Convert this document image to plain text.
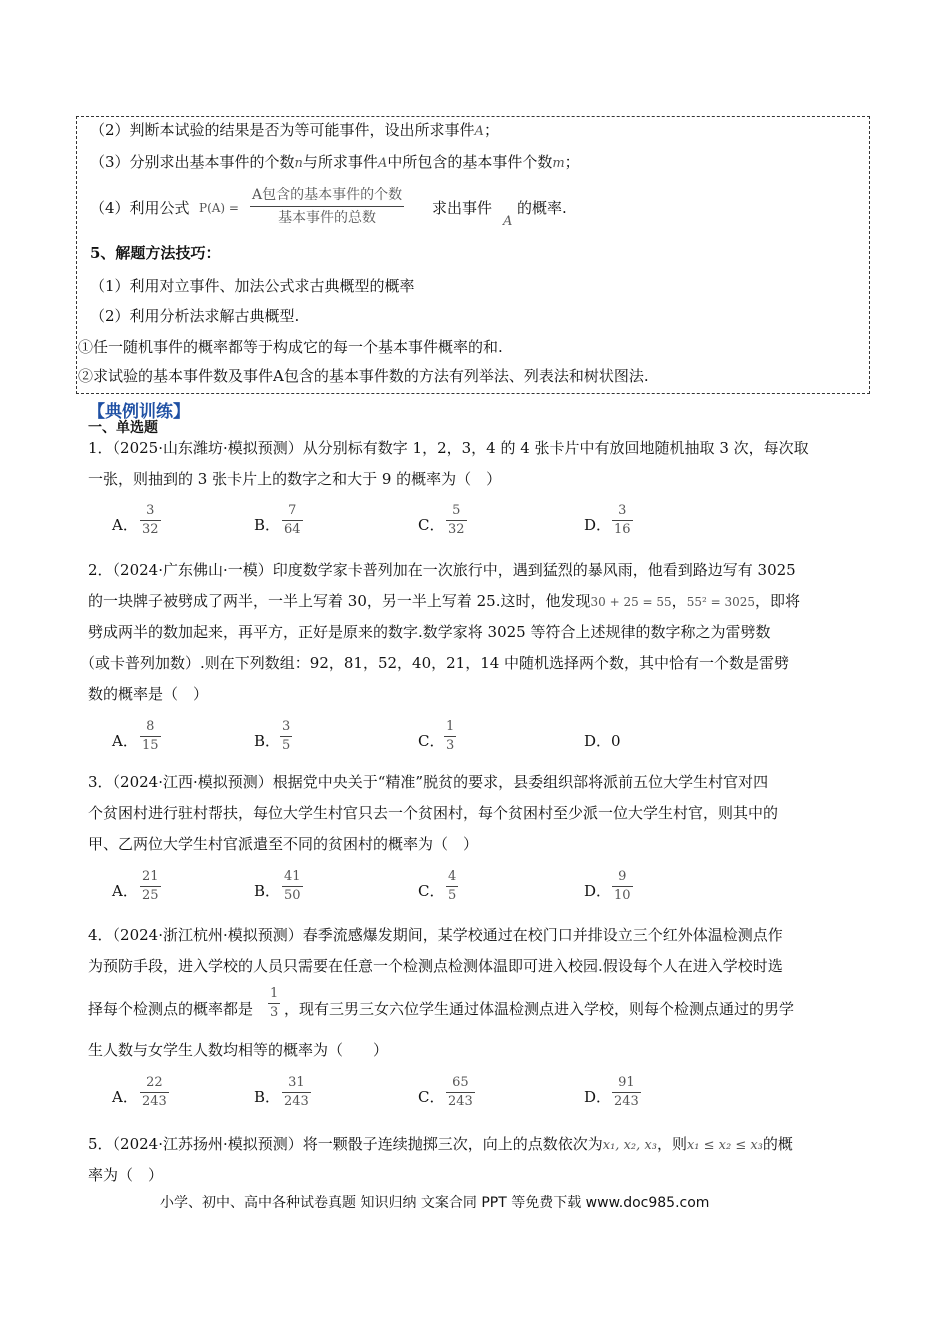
（2）判断本试验的结果是否为等可能事件，设出所求事件A；
（3）分别求出基本事件的个数n与所求事件A中所包含的基本事件个数m；
（4）利用公式 P(A) =
A包含的基本事件的个数
基本事件的总数
求出事件
A
的概率.
5、解题方法技巧：
（1）利用对立事件、加法公式求古典概型的概率
（2）利用分析法求解古典概型.
①任一随机事件的概率都等于构成它的每一个基本事件概率的和.
②求试验的基本事件数及事件A包含的基本事件数的方法有列举法、列表法和树状图法.
【典例训练】
一、单选题
1．（2025·山东潍坊·模拟预测）从分别标有数字 1，2，3，4 的 4 张卡片中有放回地随机抽取 3 次，每次取
一张，则抽到的 3 张卡片上的数字之和大于 9 的概率为（　）
A．
3
32	B．
7
64	C．
5
32	D．
3
16
2．（2024·广东佛山·一模）印度数学家卡普列加在一次旅行中，遇到猛烈的暴风雨，他看到路边写有 3025
的一块牌子被劈成了两半，一半上写着 30，另一半上写着 25.这时，他发现30 + 25 = 55，55² = 3025，即将
劈成两半的数加起来，再平方，正好是原来的数字.数学家将 3025 等符合上述规律的数字称之为雷劈数
（或卡普列加数）.则在下列数组：92，81，52，40，21，14 中随机选择两个数，其中恰有一个数是雷劈
数的概率是（　）
A．
8
15	B．
3
5	C．
1
3	D．0
3．（2024·江西·模拟预测）根据党中央关于“精准”脱贫的要求，县委组织部将派前五位大学生村官对四
个贫困村进行驻村帮扶，每位大学生村官只去一个贫困村，每个贫困村至少派一位大学生村官，则其中的
甲、乙两位大学生村官派遣至不同的贫困村的概率为（　）
A．
21
25	B．
41
50	C．
4
5	D．
9
10
4．（2024·浙江杭州·模拟预测）春季流感爆发期间，某学校通过在校门口并排设立三个红外体温检测点作
为预防手段，进入学校的人员只需要在任意一个检测点检测体温即可进入校园.假设每个人在进入学校时选
择每个检测点的概率都是
1
3 ，现有三男三女六位学生通过体温检测点进入学校，则每个检测点通过的男学
生人数与女学生人数均相等的概率为（　　）
A．
22
243	B．
31
243	C．
65
243	D．
91
243
5．（2024·江苏扬州·模拟预测）将一颗骰子连续抛掷三次，向上的点数依次为x₁, x₂, x₃，则x₁ ≤ x₂ ≤ x₃的概
率为（　）
小学、初中、高中各种试卷真题 知识归纳 文案合同 PPT 等免费下载 www.doc985.com
